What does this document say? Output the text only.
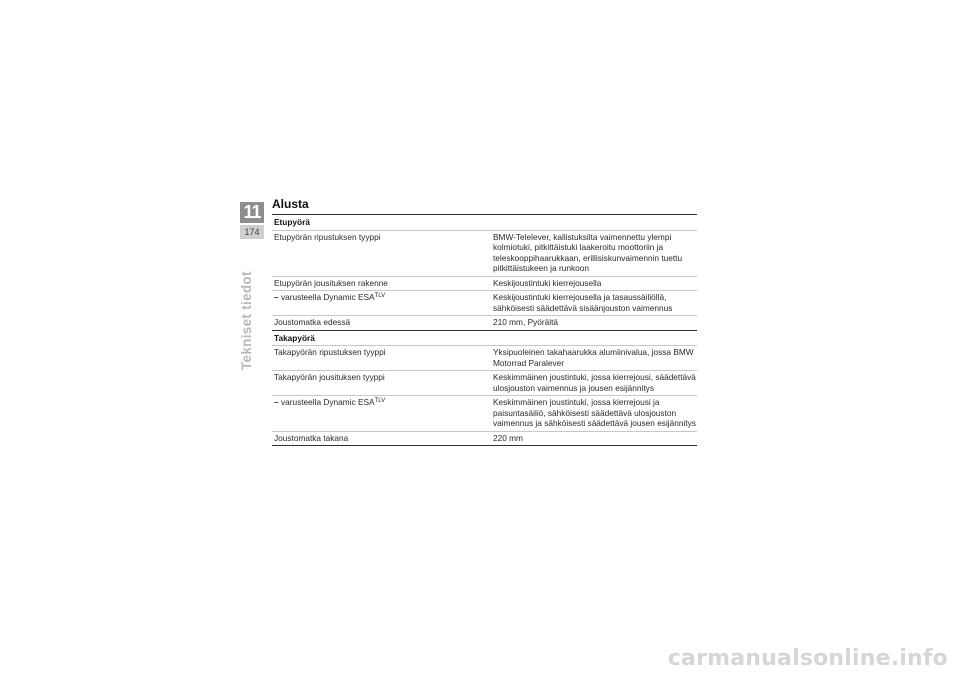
11
174
Tekniset tiedot
Alusta
Etupyörä	
Etupyörän ripustuksen tyyppi	BMW-Telelever, kallistuksilta vaimennettu ylempi kolmiotuki, pitkittäistuki laakeroitu moottoriin ja teleskooppihaarukkaan, erillisiskunvaimennin tuettu pitkittäistukeen ja runkoon
Etupyörän jousituksen rakenne	Keskijoustintuki kierrejousella
– varusteella Dynamic $ESA^{TLV}$	Keskijoustintuki kierrejousella ja tasaussäiliöllä, sähköisesti säädettävä sisäänjouston vaimennus
Joustomatka edessä	210 mm, Pyörältä
Takapyörä	
Takapyörän ripustuksen tyyppi	Yksipuoleinen takahaarukka alumiinivalua, jossa BMW Motorrad Paralever
Takapyörän jousituksen tyyppi	Keskimmäinen joustintuki, jossa kierrejousi, säädettävä ulosjouston vaimennus ja jousen esijännitys
– varusteella Dynamic $ESA^{TLV}$	Keskimmäinen joustintuki, jossa kierrejousi ja paisuntasäiliö, sähköisesti säädettävä ulosjouston vaimennus ja sähköisesti säädettävä jousen esijännitys
Joustomatka takana	220 mm
carmanualsonline.info
